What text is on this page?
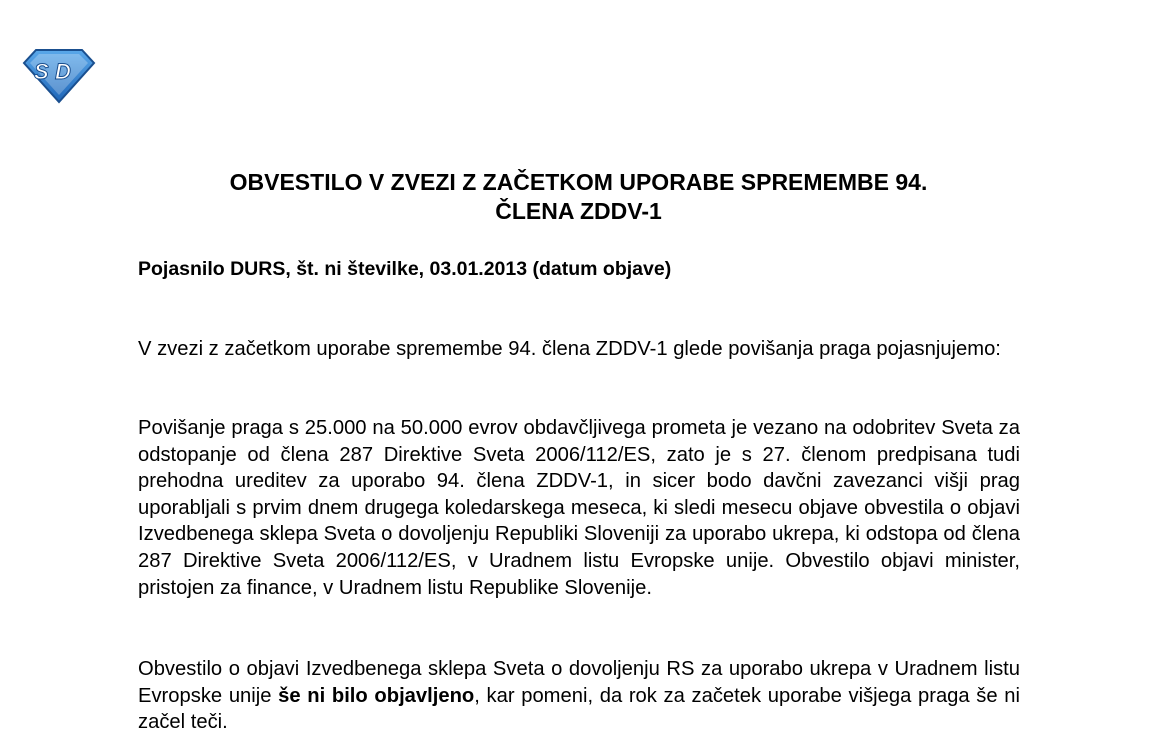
S D
OBVESTILO V ZVEZI Z ZAČETKOM UPORABE SPREMEMBE 94.
ČLENA ZDDV-1

Pojasnilo DURS, št. ni številke, 03.01.2013 (datum objave)

V zvezi z začetkom uporabe spremembe 94. člena ZDDV-1 glede povišanja praga pojasnjujemo:

Povišanje praga s 25.000 na 50.000 evrov obdavčljivega prometa je vezano na odobritev Sveta za odstopanje od člena 287 Direktive Sveta 2006/112/ES, zato je s 27. členom predpisana tudi prehodna ureditev za uporabo 94. člena ZDDV-1, in sicer bodo davčni zavezanci višji prag uporabljali s prvim dnem drugega koledarskega meseca, ki sledi mesecu objave obvestila o objavi Izvedbenega sklepa Sveta o dovoljenju Republiki Sloveniji za uporabo ukrepa, ki odstopa od člena 287 Direktive Sveta 2006/112/ES, v Uradnem listu Evropske unije. Obvestilo objavi minister, pristojen za finance, v Uradnem listu Republike Slovenije.

Obvestilo o objavi Izvedbenega sklepa Sveta o dovoljenju RS za uporabo ukrepa v Uradnem listu Evropske unije še ni bilo objavljeno, kar pomeni, da rok za začetek uporabe višjega praga še ni začel teči.
